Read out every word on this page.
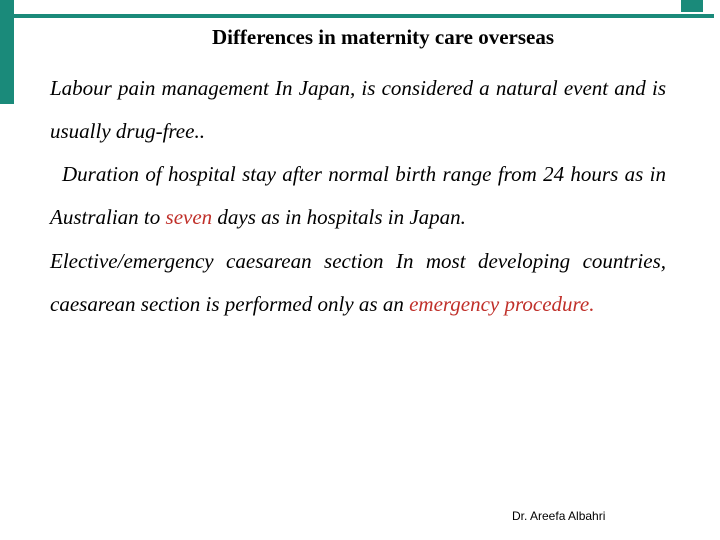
Differences in maternity care overseas
Labour pain management In Japan, is considered a natural event and is usually drug-free..
Duration of hospital stay after normal birth range from 24 hours as in Australian to seven days as in hospitals in Japan.
Elective/emergency caesarean section In most developing countries, caesarean section is performed only as an emergency procedure.
Dr. Areefa Albahri
